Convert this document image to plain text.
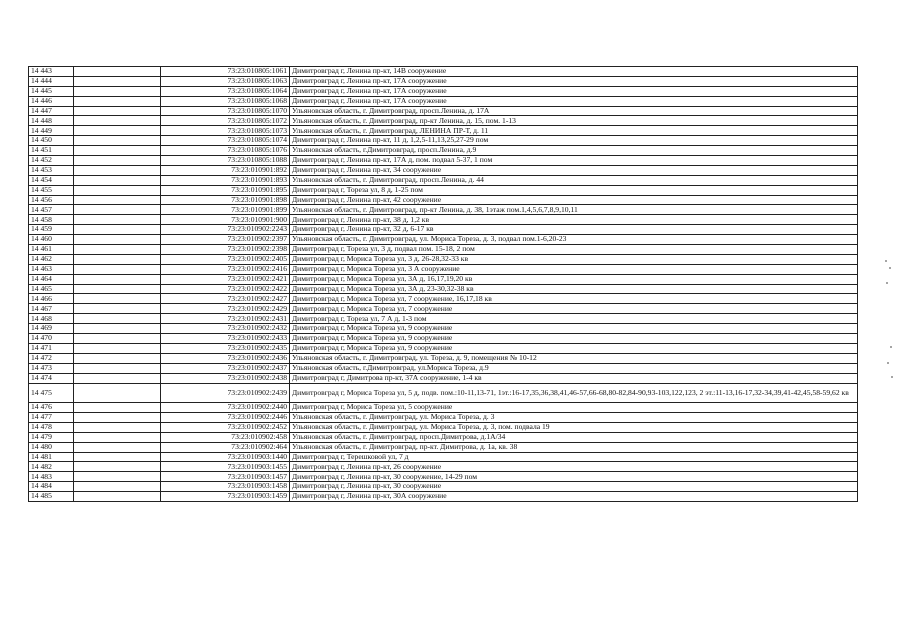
14 443		73:23:010805:1061	Димитровград г, Ленина пр-кт, 14В сооружение
14 444		73:23:010805:1063	Димитровград г, Ленина пр-кт, 17А сооружение
14 445		73:23:010805:1064	Димитровград г, Ленина пр-кт, 17А сооружение
14 446		73:23:010805:1068	Димитровград г, Ленина пр-кт, 17А сооружение
14 447		73:23:010805:1070	Ульяновская область, г. Димитровград, просп.Ленина, д. 17А
14 448		73:23:010805:1072	Ульяновская область, г. Димитровград, пр-кт Ленина, д. 15, пом. 1-13
14 449		73:23:010805:1073	Ульяновская область, г. Димитровград, ЛЕНИНА ПР-Т, д. 11
14 450		73:23:010805:1074	Димитровград г, Ленина пр-кт, 11 д, 1,2,5-11,13,25,27-29 пом
14 451		73:23:010805:1076	Ульяновская область, г.Димитровград, просп.Ленина, д.9
14 452		73:23:010805:1088	Димитровград г, Ленина пр-кт, 17А д, пом. подвал 5-37, 1 пом
14 453		73:23:010901:892	Димитровград г, Ленина пр-кт, 34 сооружение
14 454		73:23:010901:893	Ульяновская область, г. Димитровград, просп.Ленина, д. 44
14 455		73:23:010901:895	Димитровград г, Тореза ул, 8 д, 1-25 пом
14 456		73:23:010901:898	Димитровград г, Ленина пр-кт, 42 сооружение
14 457		73:23:010901:899	Ульяновская область, г. Димитровград, пр-кт Ленина, д. 38, 1этаж пом.1,4,5,6,7,8,9,10,11
14 458		73:23:010901:900	Димитровград г, Ленина пр-кт, 38 д, 1,2 кв
14 459		73:23:010902:2243	Димитровград г, Ленина пр-кт, 32 д, 6-17 кв
14 460		73:23:010902:2397	Ульяновская область, г. Димитровград, ул. Мориса Тореза, д. 3, подвал пом.1-6,20-23
14 461		73:23:010902:2398	Димитровград г, Тореза ул, 3 д, подвал пом. 15-18, 2 пом
14 462		73:23:010902:2405	Димитровград г, Мориса Тореза ул, 3 д, 26-28,32-33 кв
14 463		73:23:010902:2416	Димитровград г, Мориса Тореза ул, 3 А сооружение
14 464		73:23:010902:2421	Димитровград г, Мориса Тореза ул, 3А д, 16,17,19,20 кв
14 465		73:23:010902:2422	Димитровград г, Мориса Тореза ул, 3А д, 23-30,32-38 кв
14 466		73:23:010902:2427	Димитровград г, Мориса Тореза ул, 7 сооружение, 16,17,18 кв
14 467		73:23:010902:2429	Димитровград г, Мориса Тореза ул, 7 сооружение
14 468		73:23:010902:2431	Димитровград г, Тореза ул, 7 А д, 1-3 пом
14 469		73:23:010902:2432	Димитровград г, Мориса Тореза ул, 9 сооружение
14 470		73:23:010902:2433	Димитровград г, Мориса Тореза ул, 9 сооружение
14 471		73:23:010902:2435	Димитровград г, Мориса Тореза ул, 9 сооружение
14 472		73:23:010902:2436	Ульяновская область, г. Димитровград, ул. Тореза, д. 9, помещения № 10-12
14 473		73:23:010902:2437	Ульяновская область, г.Димитровград, ул.Мориса Тореза, д.9
14 474		73:23:010902:2438	Димитровград г, Димитрова пр-кт, 37А сооружение, 1-4 кв
14 475		73:23:010902:2439	Димитровград г, Мориса Тореза ул, 5 д, подв. пом.:10-11,13-71, 1эт.:16-17,35,36,38,41,46-57,66-68,80-82,84-90,93-103,122,123, 2 эт.:11-13,16-17,32-34,39,41-42,45,58-59,62 кв
14 476		73:23:010902:2440	Димитровград г, Мориса Тореза ул, 5 сооружение
14 477		73:23:010902:2446	Ульяновская область, г. Димитровград, ул. Мориса Тореза, д. 3
14 478		73:23:010902:2452	Ульяновская область, г. Димитровград, ул. Мориса Тореза, д. 3, пом. подвала 19
14 479		73:23:010902:458	Ульяновская область, г. Димитровград, просп.Димитрова, д.1А/34
14 480		73:23:010902:464	Ульяновская область, г. Димитровград, пр-кт. Димитрова, д. 1а, кв. 38
14 481		73:23:010903:1440	Димитровград г, Терешковой ул, 7 д
14 482		73:23:010903:1455	Димитровград г, Ленина пр-кт, 26 сооружение
14 483		73:23:010903:1457	Димитровград г, Ленина пр-кт, 30 сооружение, 14-29 пом
14 484		73:23:010903:1458	Димитровград г, Ленина пр-кт, 30 сооружение
14 485		73:23:010903:1459	Димитровград г, Ленина пр-кт, 30А сооружение
